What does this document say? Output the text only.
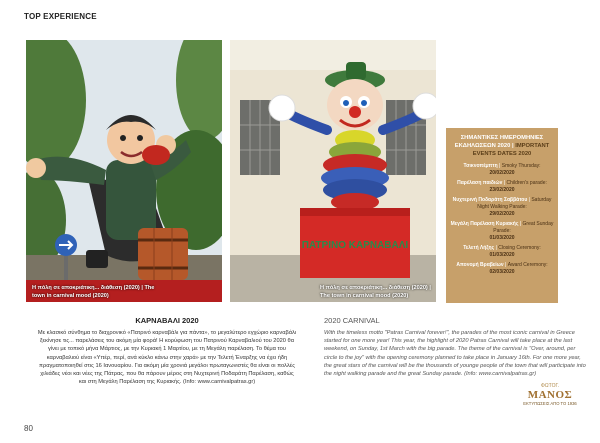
TOP EXPERIENCE
Η πόλη σε αποκριάτικη... διάθεση (2020) | The town in carnival mood (2020)
ΠΑΤΡΙΝΟ ΚΑΡΝΑΒΑΛΙ
Η πόλη σε αποκριάτικη... διάθεση (2020) | The town in carnival mood (2020)
ΣΗΜΑΝΤΙΚΕΣ ΗΜΕΡΟΜΗΝΙΕΣ ΕΚΔΗΛΩΣΕΩΝ 2020 | IMPORTANT EVENTS DATES 2020
Τσικνοπέμπτη | Smoky Thursday:
20/02/2020
Παρέλαση παιδιών | Children's parade:
23/02/2020
Νυχτερινή Ποδαράτη Σαββάτου | Saturday Night Walking Parade:
29/02/2020
Μεγάλη Παρέλαση Κυριακής | Great Sunday Parade:
01/03/2020
Τελετή Λήξης | Closing Ceremony:
01/03/2020
Απονομή Βραβείων | Award Ceremony:
02/03/2020
ΚΑΡΝΑΒΑΛΙ 2020

Με κλασικό σύνθημα το διαχρονικό «Πατρινό καρναβάλι για πάντα», το μεγαλύτερο εγχώριο καρναβάλι ξεκίνησε τις... παρελάσεις του ακόμη μία φορά! Η κορύφωση του Πατρινού Καρναβαλιού του 2020 θα γίνει με τοπικό μήνα Μάρτιος, με την Κυριακή 1 Μαρτίου, με τη Μεγάλη παρέλαση. Το θέμα του καρναβαλιού είναι «Υπέρ, περί, ανά κύκλο κάνω στην χαρά» με την Τελετή Έναρξης να έχει ήδη πραγματοποιηθεί στις 16 Ιανουαρίου. Για ακόμη μία χρονιά μεγάλοι πρωταγωνιστές θα είναι οι πολλές χιλιάδες νέοι και νέες της Πάτρας, που θα πάρουν μέρος στη Νυχτερινή Ποδαράτη Παρέλαση, καθώς και στη Μεγάλη Παρέλαση της Κυριακής. (Info: www.carnivalpatras.gr)

2020 CARNIVAL

With the timeless motto "Patras Carnival forever!", the parades of the most iconic carnival in Greece started for one more year! This year, the highlight of 2020 Patras Carnival will take place at the last weekend, on Sunday, 1st March with the big parade. The theme of the carnival is "Over, around, per circle to the joy" with the opening ceremony planned to take place in January 16th. For one more year, the great stars of the carnival will be the thousands of younge people of the town that will participate into the night walking parade and the great Sunday parade. (Info: www.carnivalpatras.gr)

80
ΦΩΤΟΓ.
ΜΑΝΟΣ
ΕΚΤΥΠΩΣΕΙΣ ΑΠΟ ΤΟ 1936
